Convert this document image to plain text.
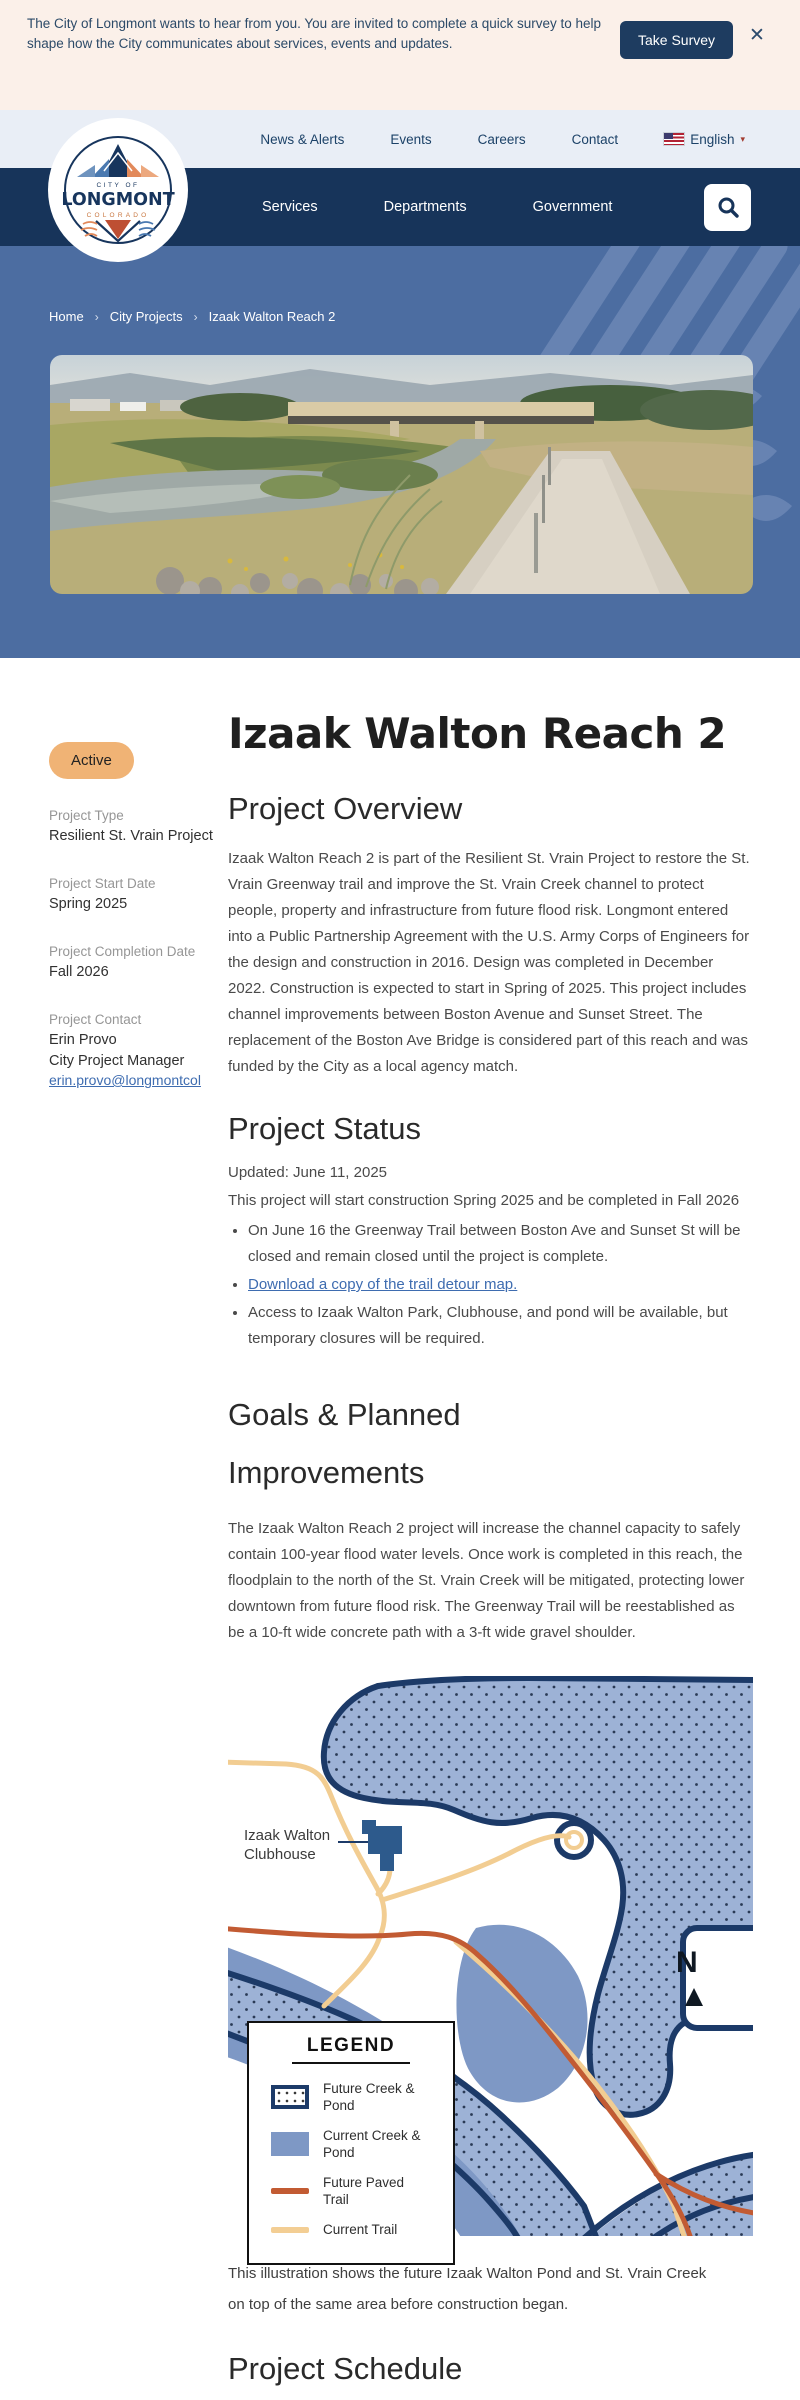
The City of Longmont wants to hear from you. You are invited to complete a quick survey to help shape how the City communicates about services, events and updates.	Take Survey	✕
News & Alerts	Events	Careers	Contact	English ▾
Services	Departments	Government
CITY OF
LONGMONT
COLORADO
Home › City Projects › Izaak Walton Reach 2
Active
Project Type
Resilient St. Vrain Project
Project Start Date
Spring 2025
Project Completion Date
Fall 2026
Project Contact
Erin Provo
City Project Manager
erin.provo@longmontcol
Izaak Walton Reach 2
Project Overview

Izaak Walton Reach 2 is part of the Resilient St. Vrain Project to restore the St. Vrain Greenway trail and improve the St. Vrain Creek channel to protect people, property and infrastructure from future flood risk. Longmont entered into a Public Partnership Agreement with the U.S. Army Corps of Engineers for the design and construction in 2016. Design was completed in December 2022. Construction is expected to start in Spring of 2025. This project includes channel improvements between Boston Avenue and Sunset Street. The replacement of the Boston Ave Bridge is considered part of this reach and was funded by the City as a local agency match.

Project Status

Updated: June 11, 2025

This project will start construction Spring 2025 and be completed in Fall 2026

• On June 16 the Greenway Trail between Boston Ave and Sunset St will be closed and remain closed until the project is complete.
• Download a copy of the trail detour map.
• Access to Izaak Walton Park, Clubhouse, and pond will be available, but temporary closures will be required.
Goals & Planned Improvements

The Izaak Walton Reach 2 project will increase the channel capacity to safely contain 100-year flood water levels. Once work is completed in this reach, the floodplain to the north of the St. Vrain Creek will be mitigated, protecting lower downtown from future flood risk. The Greenway Trail will be reestablished as be a 10-ft wide concrete path with a 3-ft wide gravel shoulder.

Izaak Walton
Clubhouse
N
LEGEND
Future Creek & Pond
Current Creek & Pond
Future Paved Trail
Current Trail
This illustration shows the future Izaak Walton Pond and St. Vrain Creek
on top of the same area before construction began.
Project Schedule
